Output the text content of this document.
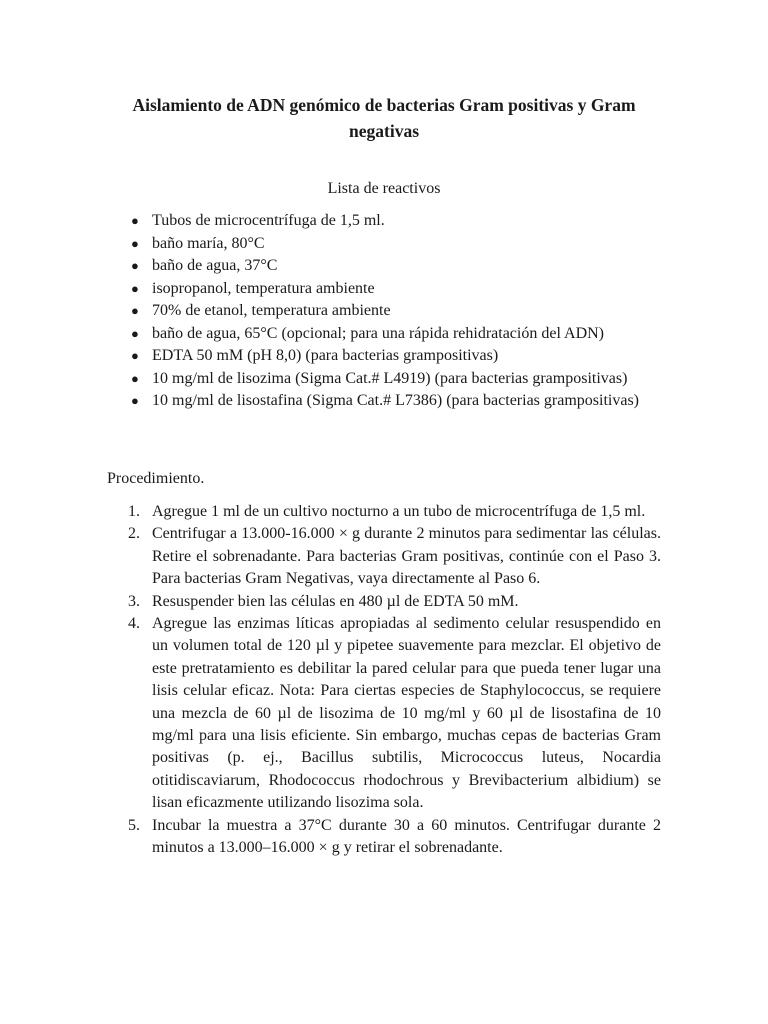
Aislamiento de ADN genómico de bacterias Gram positivas y Gram negativas
Lista de reactivos
● Tubos de microcentrífuga de 1,5 ml.
● baño maría, 80°C
● baño de agua, 37°C
● isopropanol, temperatura ambiente
● 70% de etanol, temperatura ambiente
● baño de agua, 65°C (opcional; para una rápida rehidratación del ADN)
● EDTA 50 mM (pH 8,0) (para bacterias grampositivas)
● 10 mg/ml de lisozima (Sigma Cat.# L4919) (para bacterias grampositivas)
● 10 mg/ml de lisostafina (Sigma Cat.# L7386) (para bacterias grampositivas)
Procedimiento.
1. Agregue 1 ml de un cultivo nocturno a un tubo de microcentrífuga de 1,5 ml.
2. Centrifugar a 13.000-16.000 × g durante 2 minutos para sedimentar las células. Retire el sobrenadante. Para bacterias Gram positivas, continúe con el Paso 3. Para bacterias Gram Negativas, vaya directamente al Paso 6.
3. Resuspender bien las células en 480 µl de EDTA 50 mM.
4. Agregue las enzimas líticas apropiadas al sedimento celular resuspendido en un volumen total de 120 µl y pipetee suavemente para mezclar. El objetivo de este pretratamiento es debilitar la pared celular para que pueda tener lugar una lisis celular eficaz. Nota: Para ciertas especies de Staphylococcus, se requiere una mezcla de 60 µl de lisozima de 10 mg/ml y 60 µl de lisostafina de 10 mg/ml para una lisis eficiente. Sin embargo, muchas cepas de bacterias Gram positivas (p. ej., Bacillus subtilis, Micrococcus luteus, Nocardia otitidiscaviarum, Rhodococcus rhodochrous y Brevibacterium albidium) se lisan eficazmente utilizando lisozima sola.
5. Incubar la muestra a 37°C durante 30 a 60 minutos. Centrifugar durante 2 minutos a 13.000–16.000 × g y retirar el sobrenadante.
